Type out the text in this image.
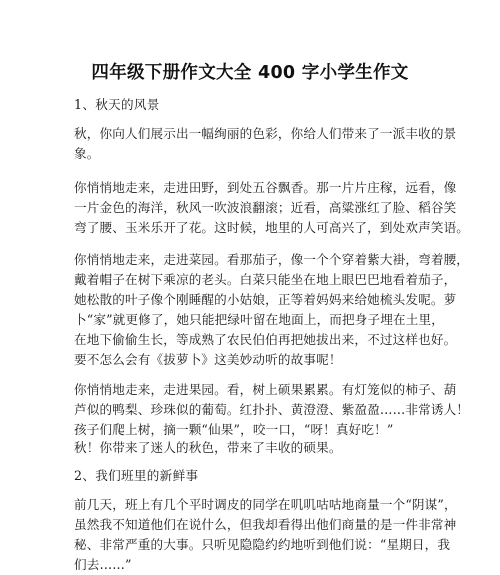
四年级下册作文大全 400 字小学生作文
1、秋天的风景
秋，你向人们展示出一幅绚丽的色彩，你给人们带来了一派丰收的景
象。
你悄悄地走来，走进田野，到处五谷飘香。那一片片庄稼，远看，像
一片金色的海洋，秋风一吹波浪翻滚；近看，高粱涨红了脸、稻谷笑
弯了腰、玉米乐开了花。这时候，地里的人可高兴了，到处欢声笑语。
你悄悄地走来，走进菜园。看那茄子，像一个个穿着紫大褂，弯着腰，
戴着帽子在树下乘凉的老头。白菜只能坐在地上眼巴巴地看着茄子，
她松散的叶子像个刚睡醒的小姑娘，正等着妈妈来给她梳头发呢。萝
卜“家”就更修了，她只能把绿叶留在地面上，而把身子埋在土里，
在地下偷偷生长，等成熟了农民伯伯再把她拔出来，不过这样也好。
要不怎么会有《拔萝卜》这美妙动听的故事呢！
你悄悄地走来，走进果园。看，树上硕果累累。有灯笼似的柿子、葫
芦似的鸭梨、珍珠似的葡萄。红扑扑、黄澄澄、紫盈盈……非常诱人！
孩子们爬上树，摘一颗“仙果”，咬一口，“呀！真好吃！”
秋！你带来了迷人的秋色，带来了丰收的硕果。
2、我们班里的新鲜事
前几天，班上有几个平时调皮的同学在叽叽咕咕地商量一个“阴谋”，
虽然我不知道他们在说什么，但我却看得出他们商量的是一件非常神
秘、非常严重的大事。只听见隐隐约约地听到他们说：“星期日，我
们去……”
